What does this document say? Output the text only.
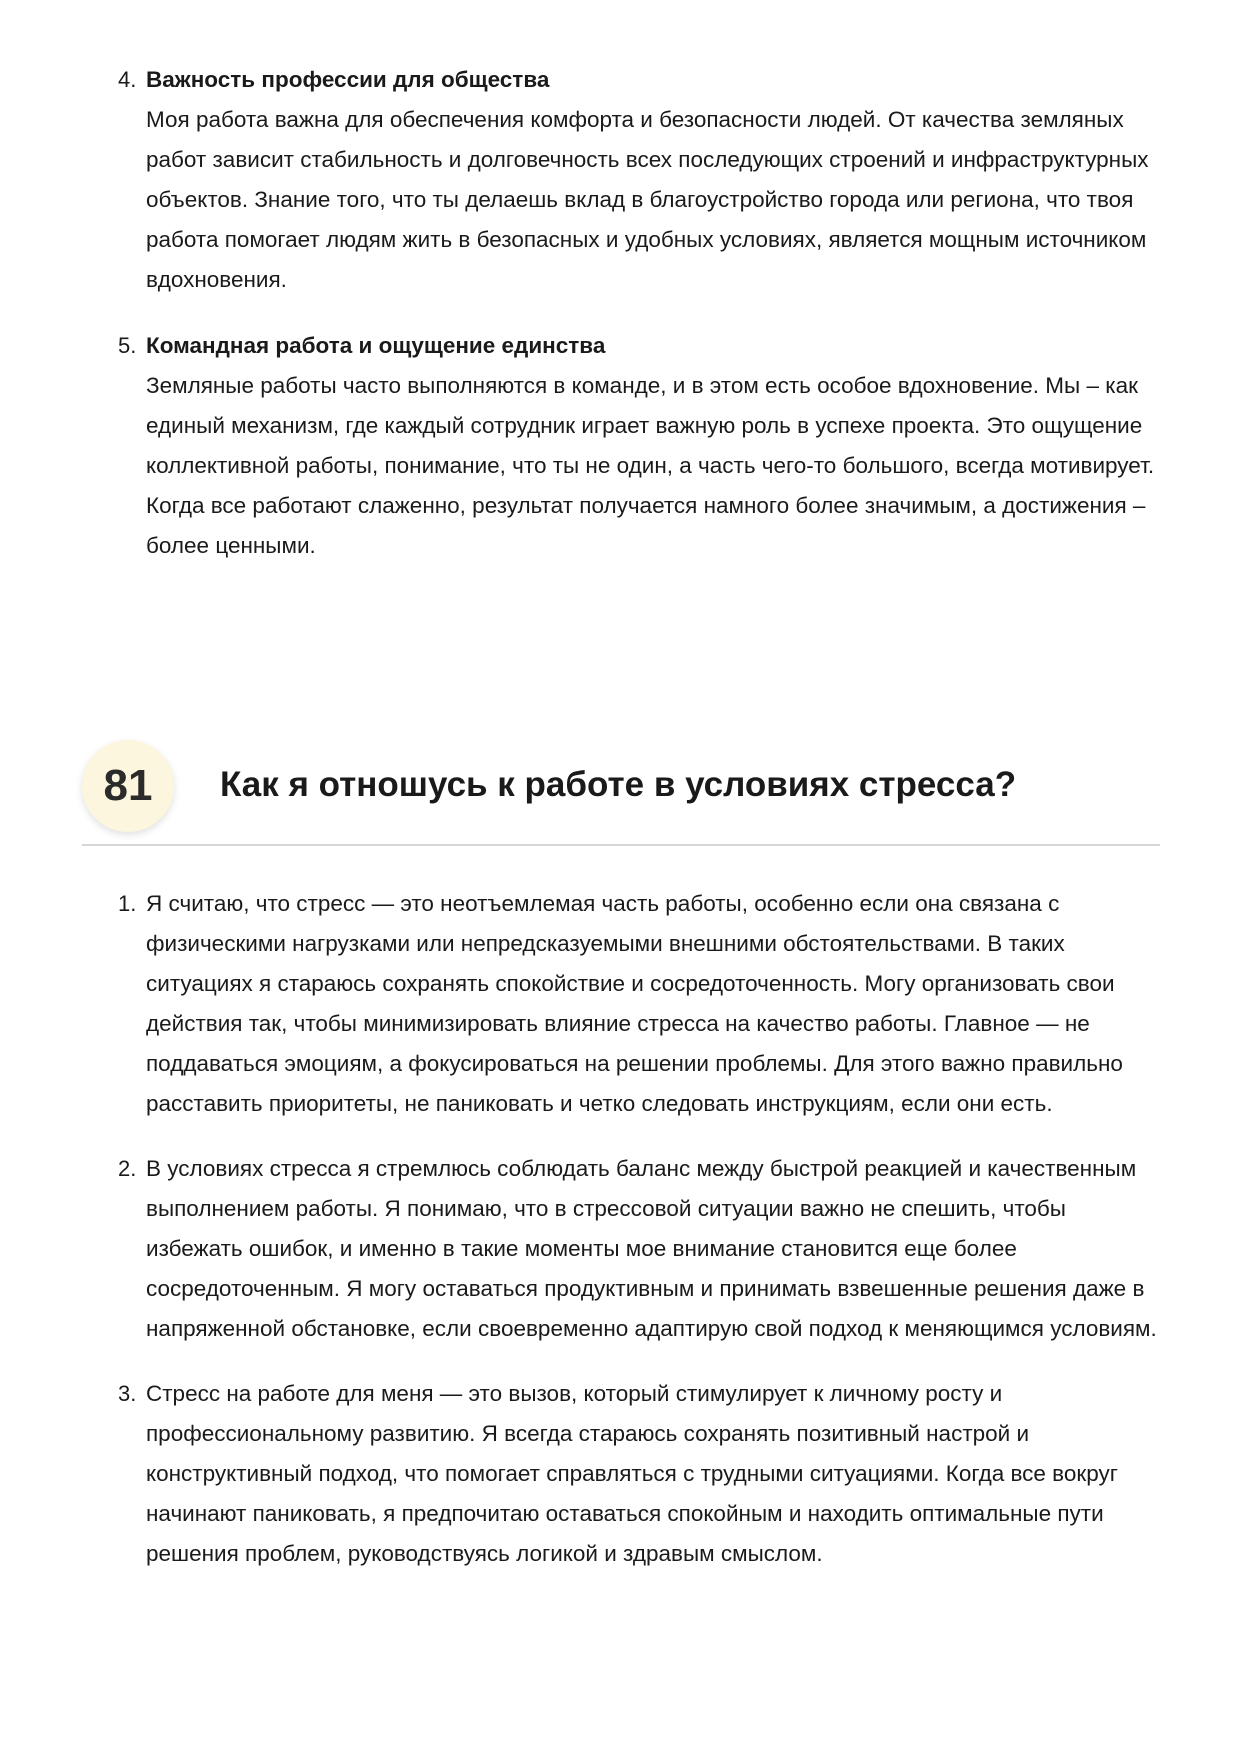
4. Важность профессии для общества
Моя работа важна для обеспечения комфорта и безопасности людей. От качества земляных работ зависит стабильность и долговечность всех последующих строений и инфраструктурных объектов. Знание того, что ты делаешь вклад в благоустройство города или региона, что твоя работа помогает людям жить в безопасных и удобных условиях, является мощным источником вдохновения.
5. Командная работа и ощущение единства
Земляные работы часто выполняются в команде, и в этом есть особое вдохновение. Мы – как единый механизм, где каждый сотрудник играет важную роль в успехе проекта. Это ощущение коллективной работы, понимание, что ты не один, а часть чего-то большого, всегда мотивирует. Когда все работают слаженно, результат получается намного более значимым, а достижения – более ценными.
81	Как я отношусь к работе в условиях стресса?
1. Я считаю, что стресс — это неотъемлемая часть работы, особенно если она связана с физическими нагрузками или непредсказуемыми внешними обстоятельствами. В таких ситуациях я стараюсь сохранять спокойствие и сосредоточенность. Могу организовать свои действия так, чтобы минимизировать влияние стресса на качество работы. Главное — не поддаваться эмоциям, а фокусироваться на решении проблемы. Для этого важно правильно расставить приоритеты, не паниковать и четко следовать инструкциям, если они есть.
2. В условиях стресса я стремлюсь соблюдать баланс между быстрой реакцией и качественным выполнением работы. Я понимаю, что в стрессовой ситуации важно не спешить, чтобы избежать ошибок, и именно в такие моменты мое внимание становится еще более сосредоточенным. Я могу оставаться продуктивным и принимать взвешенные решения даже в напряженной обстановке, если своевременно адаптирую свой подход к меняющимся условиям.
3. Стресс на работе для меня — это вызов, который стимулирует к личному росту и профессиональному развитию. Я всегда стараюсь сохранять позитивный настрой и конструктивный подход, что помогает справляться с трудными ситуациями. Когда все вокруг начинают паниковать, я предпочитаю оставаться спокойным и находить оптимальные пути решения проблем, руководствуясь логикой и здравым смыслом.
